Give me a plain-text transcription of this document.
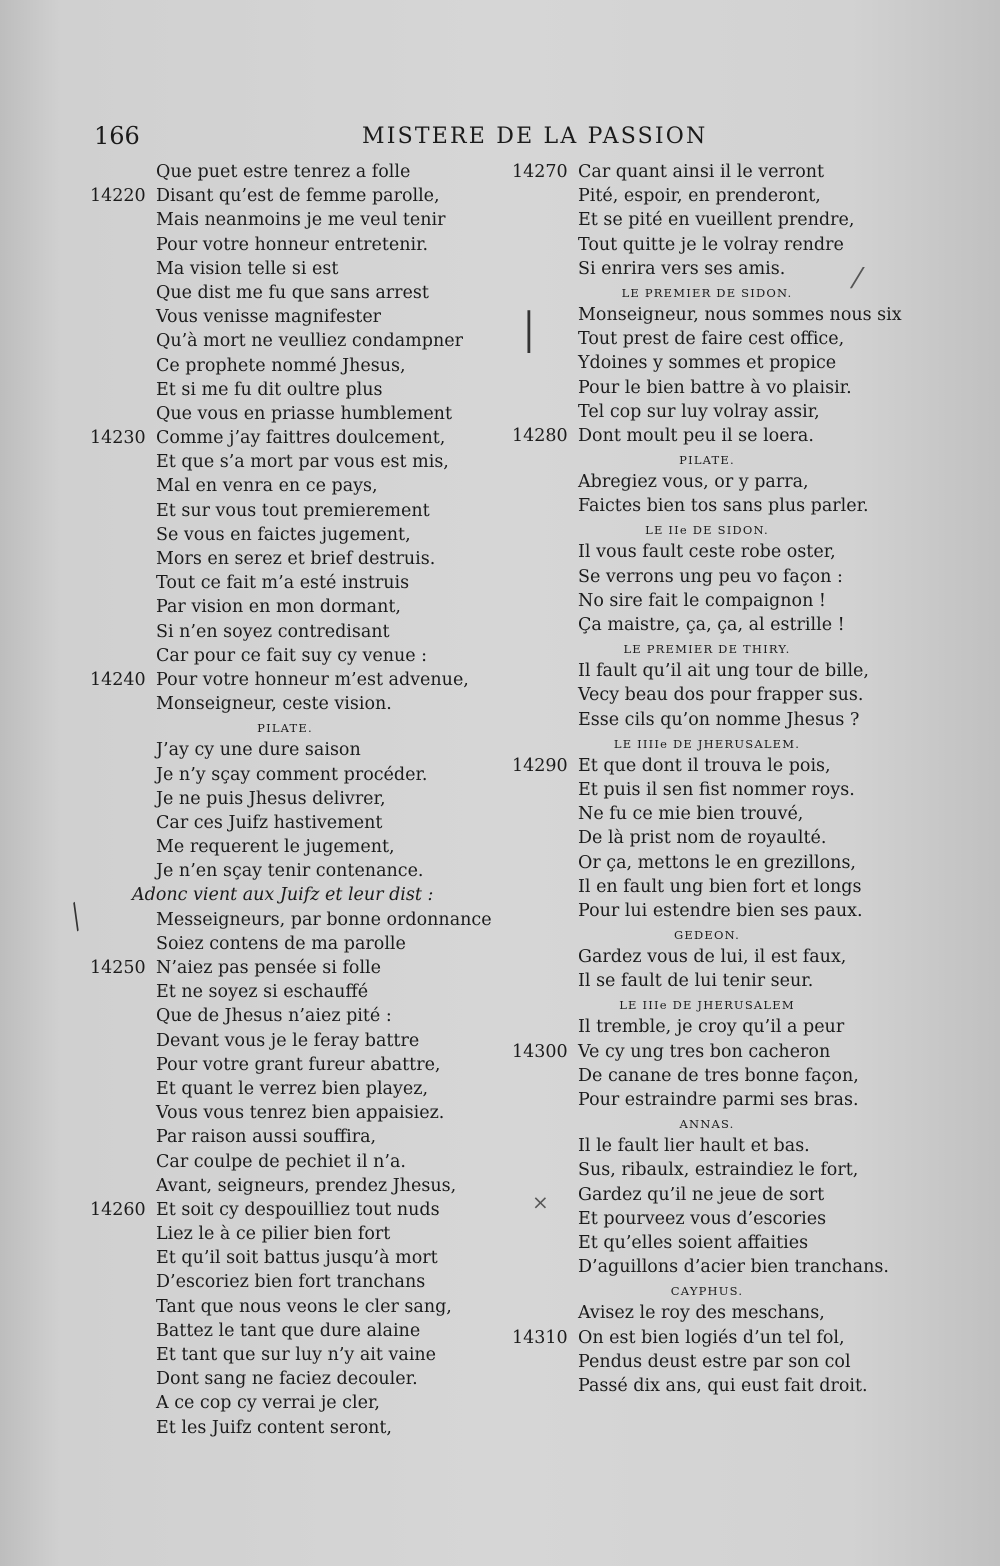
166	MISTERE DE LA PASSION
Que puet estre tenrez a folle
14220 Disant qu’est de femme parolle,
Mais neanmoins je me veul tenir
Pour votre honneur entretenir.
Ma vision telle si est
Que dist me fu que sans arrest
Vous venisse magnifester
Qu’à mort ne veulliez condampner
Ce prophete nommé Jhesus,
Et si me fu dit oultre plus
Que vous en priasse humblement
14230 Comme j’ay faittres doulcement,
Et que s’a mort par vous est mis,
Mal en venra en ce pays,
Et sur vous tout premierement
Se vous en faictes jugement,
Mors en serez et brief destruis.
Tout ce fait m’a esté instruis
Par vision en mon dormant,
Si n’en soyez contredisant
Car pour ce fait suy cy venue :
14240 Pour votre honneur m’est advenue,
Monseigneur, ceste vision.
PILATE.
J’ay cy une dure saison
Je n’y sçay comment procéder.
Je ne puis Jhesus delivrer,
Car ces Juifz hastivement
Me requerent le jugement,
Je n’en sçay tenir contenance.
Adonc vient aux Juifz et leur dist :
Messeigneurs, par bonne ordonnance
Soiez contens de ma parolle
14250 N’aiez pas pensée si folle
Et ne soyez si eschauffé
Que de Jhesus n’aiez pité :
Devant vous je le feray battre
Pour votre grant fureur abattre,
Et quant le verrez bien playez,
Vous vous tenrez bien appaisiez.
Par raison aussi souffira,
Car coulpe de pechiet il n’a.
Avant, seigneurs, prendez Jhesus,
14260 Et soit cy despouilliez tout nuds
Liez le à ce pilier bien fort
Et qu’il soit battus jusqu’à mort
D’escoriez bien fort tranchans
Tant que nous veons le cler sang,
Battez le tant que dure alaine
Et tant que sur luy n’y ait vaine
Dont sang ne faciez decouler.
A ce cop cy verrai je cler,
Et les Juifz content seront,
14270 Car quant ainsi il le verront
Pité, espoir, en prenderont,
Et se pité en vueillent prendre,
Tout quitte je le volray rendre
Si enrira vers ses amis.
LE PREMIER DE SIDON.
Monseigneur, nous sommes nous six
Tout prest de faire cest office,
Ydoines y sommes et propice
Pour le bien battre à vo plaisir.
Tel cop sur luy volray assir,
14280 Dont moult peu il se loera.
PILATE.
Abregiez vous, or y parra,
Faictes bien tos sans plus parler.
LE IIe DE SIDON.
Il vous fault ceste robe oster,
Se verrons ung peu vo façon :
No sire fait le compaignon !
Ça maistre, ça, ça, al estrille !
LE PREMIER DE THIRY.
Il fault qu’il ait ung tour de bille,
Vecy beau dos pour frapper sus.
Esse cils qu’on nomme Jhesus ?
LE IIIIe DE JHERUSALEM.
14290 Et que dont il trouva le pois,
Et puis il sen fist nommer roys.
Ne fu ce mie bien trouvé,
De là prist nom de royaulté.
Or ça, mettons le en grezillons,
Il en fault ung bien fort et longs
Pour lui estendre bien ses paux.
GEDEON.
Gardez vous de lui, il est faux,
Il se fault de lui tenir seur.
LE IIIe DE JHERUSALEM
Il tremble, je croy qu’il a peur
14300 Ve cy ung tres bon cacheron
De canane de tres bonne façon,
Pour estraindre parmi ses bras.
ANNAS.
Il le fault lier hault et bas.
Sus, ribaulx, estraindiez le fort,
Gardez qu’il ne jeue de sort
Et pourveez vous d’escories
Et qu’elles soient affaities
D’aguillons d’acier bien tranchans.
CAYPHUS.
Avisez le roy des meschans,
14310 On est bien logiés d’un tel fol,
Pendus deust estre par son col
Passé dix ans, qui eust fait droit.
╱
│
⁄
×
